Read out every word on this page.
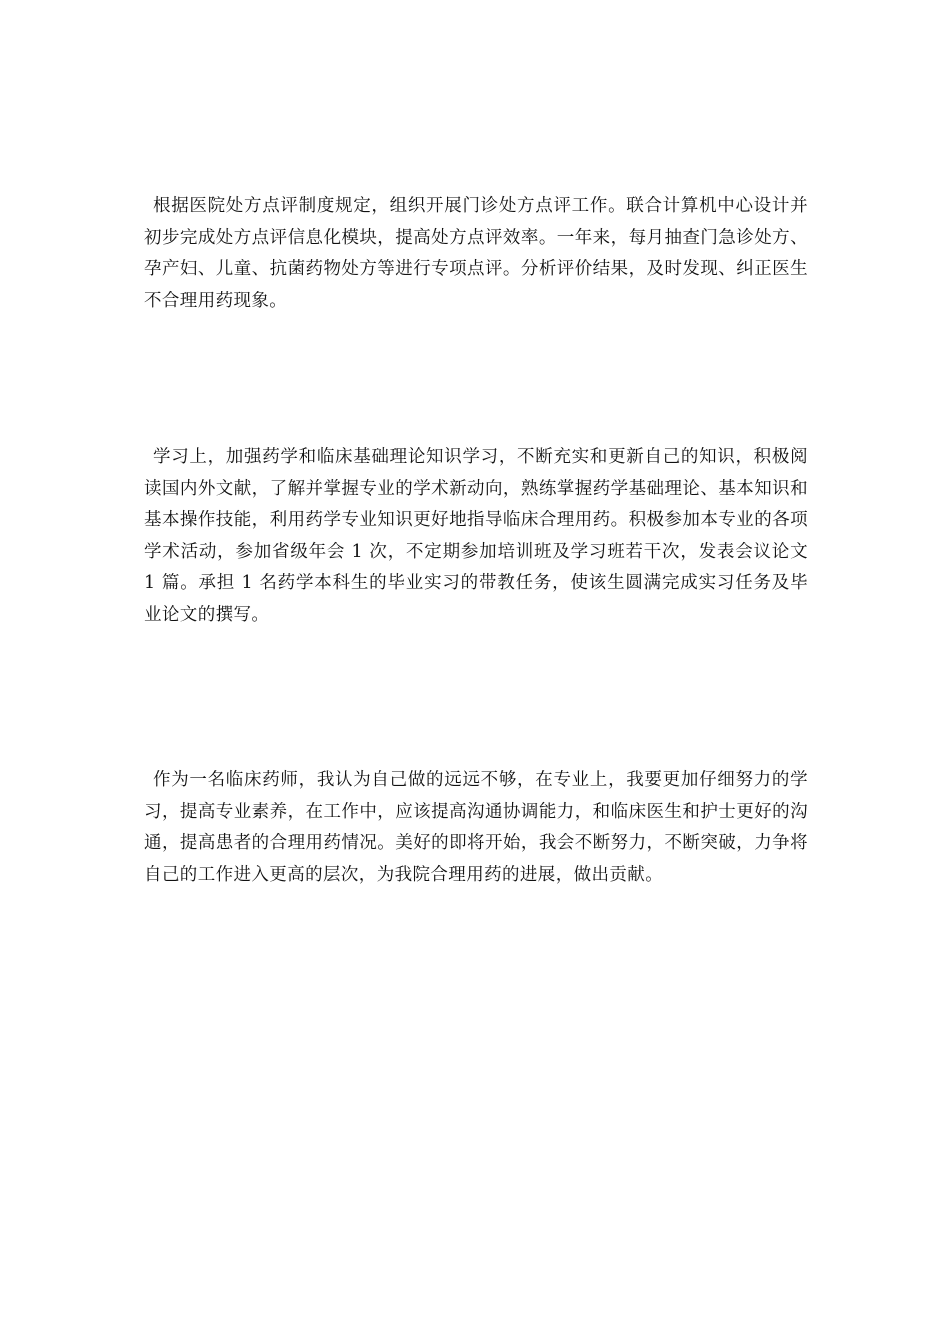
根据医院处方点评制度规定，组织开展门诊处方点评工作。联合计算机中心设计并初步完成处方点评信息化模块，提高处方点评效率。一年来，每月抽查门急诊处方、孕产妇、儿童、抗菌药物处方等进行专项点评。分析评价结果，及时发现、纠正医生不合理用药现象。

学习上，加强药学和临床基础理论知识学习，不断充实和更新自己的知识，积极阅读国内外文献，了解并掌握专业的学术新动向，熟练掌握药学基础理论、基本知识和基本操作技能，利用药学专业知识更好地指导临床合理用药。积极参加本专业的各项学术活动，参加省级年会 1 次，不定期参加培训班及学习班若干次，发表会议论文 1 篇。承担 1 名药学本科生的毕业实习的带教任务，使该生圆满完成实习任务及毕业论文的撰写。

作为一名临床药师，我认为自己做的远远不够，在专业上，我要更加仔细努力的学习，提高专业素养，在工作中，应该提高沟通协调能力，和临床医生和护士更好的沟通，提高患者的合理用药情况。美好的即将开始，我会不断努力，不断突破，力争将自己的工作进入更高的层次，为我院合理用药的进展，做出贡献。
